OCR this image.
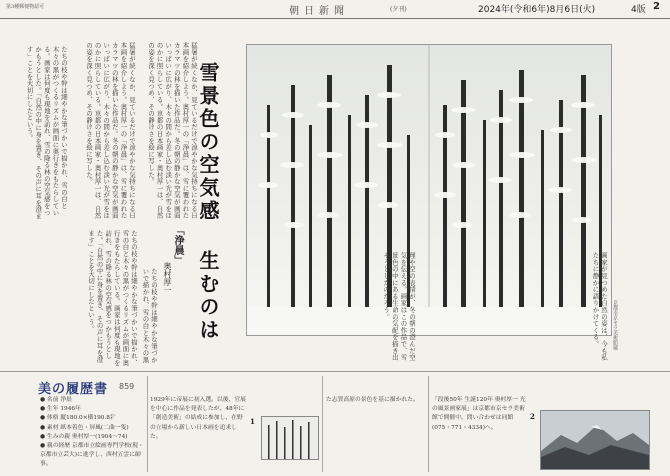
第3種郵便物認可	朝日新聞	(夕刊)	2024年(令和6年)8月6日(火)	4版 2
猛暑が続くなか、見ているだけで涼やかな気持ちになる日本画を紹介しよう。奥村厚一の「浄晨」は、雪に覆われたカラマツの林を描いた作品だ。冬の朝の静かな空気が画面いっぱいに広がり、木々の間から差し込む淡い光が雪をほのかに照らしている。京都の日本画家・奥村厚一は、自然の姿を深く見つめ、その静けさを絵に写した。
猛暑が続くなか、見ているだけで涼やかな気持ちになる日本画を紹介しよう。奥村厚一の「浄晨」は、雪に覆われたカラマツの林を描いた作品だ。冬の朝の静かな空気が画面いっぱいに広がり、木々の間から差し込む淡い光が雪をほのかに照らしている。京都の日本画家・奥村厚一は、自然の姿を深く見つめ、その静けさを絵に写した。
たちの枝や幹は細やかな筆づかいで描かれ、雪の白と木々の黒がつくるリズムが画面に奥行きをもたらしている。画家は何度も現地を訪れ、雪の降る林の空気感をつかもうとした。「自然の中に身を置き、その声に耳を澄ます」ことを大切にしたという。
「浄晨」 雪景色の空気感 生むのは
奥村厚一
たちの枝や幹は細やかな筆づかいで描かれ、雪の白と木々の黒
たちの枝や幹は細やかな筆づかいで描かれ、雪の白と木々の黒がつくるリズムが画面に奥行きをもたらしている。画家は何度も現地を訪れ、雪の降る林の空気感をつかもうとした。「自然の中に身を置き、その声に耳を澄ます」ことを大切にしたという。	京都市京セラ美術館蔵
画家が見つめた自然の姿は、今も私たちに静かに語りかけてくる。
理や空の表情が、冬の朝の澄んだ空気を伝える。画家はこの作品で、雪景色の中にある生命の気配を描き出そうとしたのだろう。
美の履歴書 859
● 名前 浄晨
● 生年 1946年
● 体格 縦180.0×横190.8㌢
● 素材 紙本着色・屏風(二曲一隻)
● 生みの親 奥村厚一(1904〜74)
● 親の経歴 京都市立絵画専門学校(現・京都市立芸大)に進学し、西村五雲に師事。
1929年に帝展に初入選。以後、官展を中心に作品を発表したが、48年に「創造美術」の結成に参加し、在野の立場から新しい日本画を追求した。
1
た志賀高原の景色を基に描かれた。	「段後50年 生誕120年 奥村厚一 光の風景画家展」は京都市京セラ美術館で開催中。問い合わせは同館(075・771・4334)へ。
2
